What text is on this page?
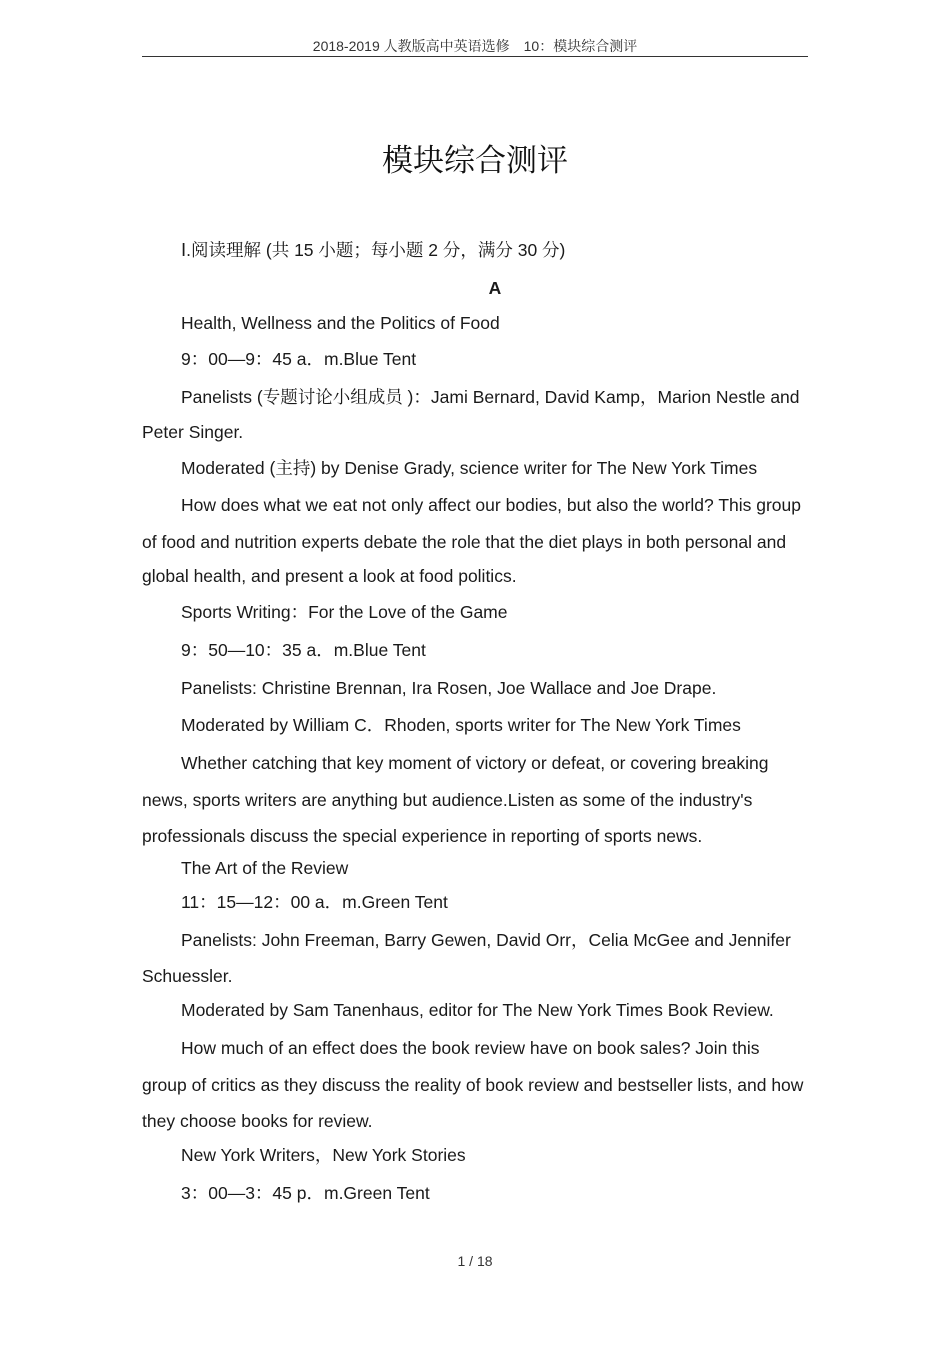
2018-2019 人教版高中英语选修　10：模块综合测评
模块综合测评
Ⅰ.阅读理解 (共 15 小题；每小题 2 分，满分 30 分)
A
Health, Wellness and the Politics of Food
9：00—9：45 a．m.Blue Tent
Panelists (专题讨论小组成员 )：Jami Bernard, David Kamp，Marion Nestle and
Peter Singer.
Moderated (主持) by Denise Grady, science writer for The New York Times
How does what we eat not only affect our bodies, but also the world? This group
of food and nutrition experts debate the role that the diet plays in both personal and
global health, and present a look at food politics.
Sports Writing：For the Love of the Game
9：50—10：35 a．m.Blue Tent
Panelists: Christine Brennan, Ira Rosen, Joe Wallace and Joe Drape.
Moderated by William C．Rhoden, sports writer for The New York Times
Whether catching that key moment of victory or defeat, or covering breaking
news, sports writers are anything but audience.Listen as some of the industry's
professionals discuss the special experience in reporting of sports news.
The Art of the Review
11：15—12：00 a．m.Green Tent
Panelists: John Freeman, Barry Gewen, David Orr，Celia McGee and Jennifer
Schuessler.
Moderated by Sam Tanenhaus, editor for The New York Times Book Review.
How much of an effect does the book review have on book sales? Join this
group of critics as they discuss the reality of book review and bestseller lists, and how
they choose books for review.
New York Writers，New York Stories
3：00—3：45 p．m.Green Tent
1 / 18
